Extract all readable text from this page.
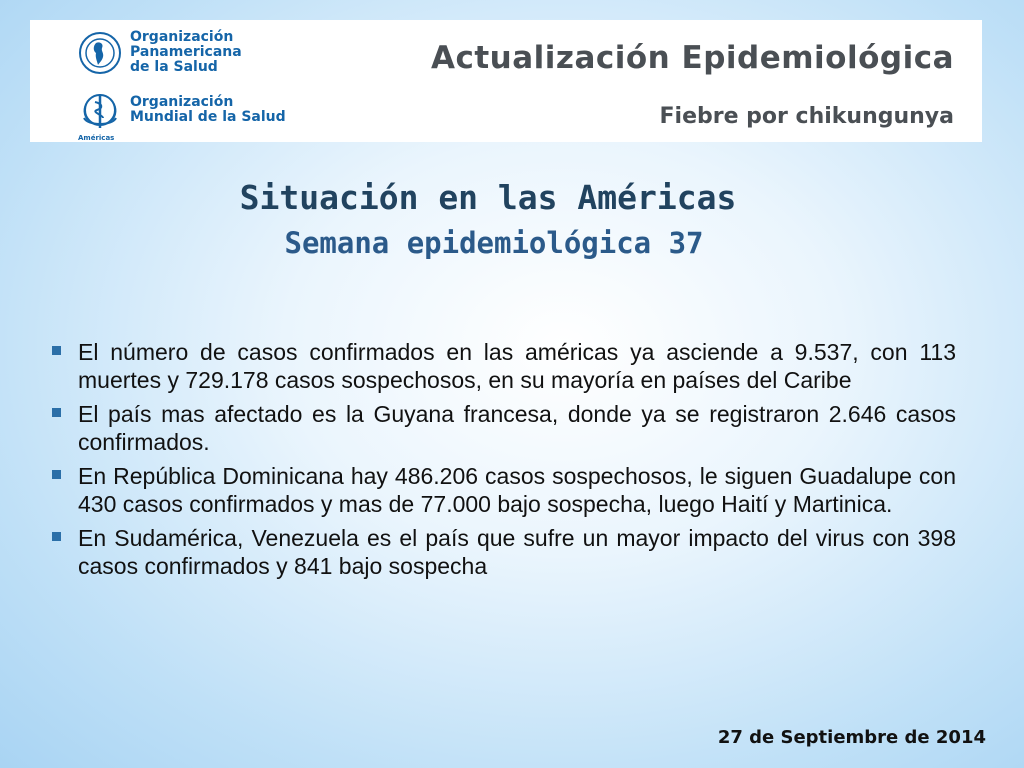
Organización
Panamericana
de la Salud
Organización
Mundial de la Salud
Américas
Actualización Epidemiológica
Fiebre por chikungunya
Situación en las Américas
Semana epidemiológica 37
El número de casos confirmados en las américas ya asciende a 9.537, con 113 muertes y 729.178 casos sospechosos, en su mayoría en países del Caribe
El país mas afectado es la Guyana francesa, donde ya se registraron 2.646 casos confirmados.
En República Dominicana hay 486.206 casos sospechosos, le siguen Guadalupe con 430 casos confirmados y mas de 77.000 bajo sospecha, luego Haití y Martinica.
En Sudamérica, Venezuela es el país que sufre un mayor impacto del virus con 398 casos confirmados y 841 bajo sospecha
27 de Septiembre de 2014
